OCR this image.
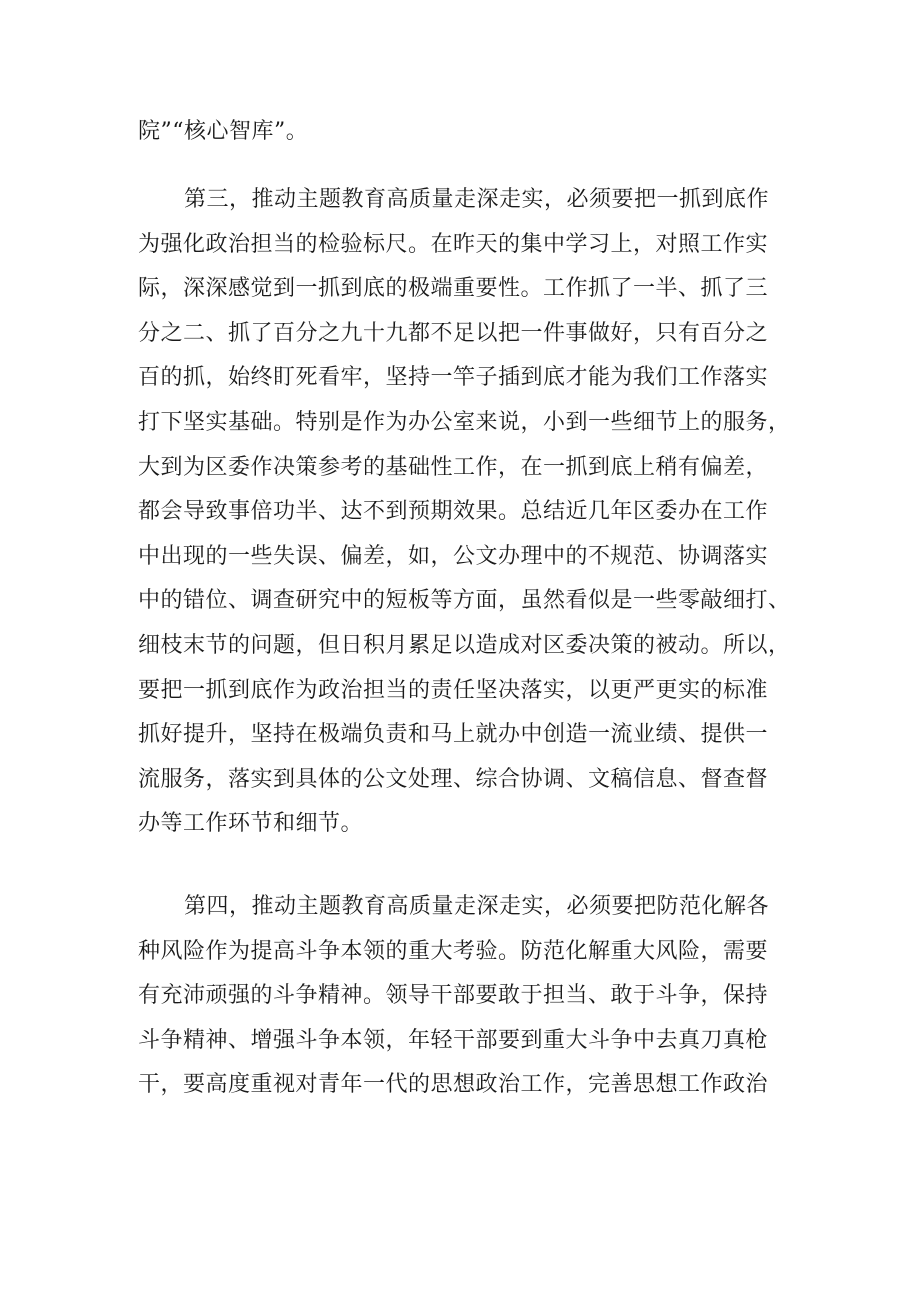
院”“核心智库”。
第三，推动主题教育高质量走深走实，必须要把一抓到底作
为强化政治担当的检验标尺。在昨天的集中学习上，对照工作实
际，深深感觉到一抓到底的极端重要性。工作抓了一半、抓了三
分之二、抓了百分之九十九都不足以把一件事做好，只有百分之
百的抓，始终盯死看牢，坚持一竿子插到底才能为我们工作落实
打下坚实基础。特别是作为办公室来说，小到一些细节上的服务，
大到为区委作决策参考的基础性工作，在一抓到底上稍有偏差，
都会导致事倍功半、达不到预期效果。总结近几年区委办在工作
中出现的一些失误、偏差，如，公文办理中的不规范、协调落实
中的错位、调查研究中的短板等方面，虽然看似是一些零敲细打、
细枝末节的问题，但日积月累足以造成对区委决策的被动。所以，
要把一抓到底作为政治担当的责任坚决落实，以更严更实的标准
抓好提升，坚持在极端负责和马上就办中创造一流业绩、提供一
流服务，落实到具体的公文处理、综合协调、文稿信息、督查督
办等工作环节和细节。
第四，推动主题教育高质量走深走实，必须要把防范化解各
种风险作为提高斗争本领的重大考验。防范化解重大风险，需要
有充沛顽强的斗争精神。领导干部要敢于担当、敢于斗争，保持
斗争精神、增强斗争本领，年轻干部要到重大斗争中去真刀真枪
干，要高度重视对青年一代的思想政治工作，完善思想工作政治
